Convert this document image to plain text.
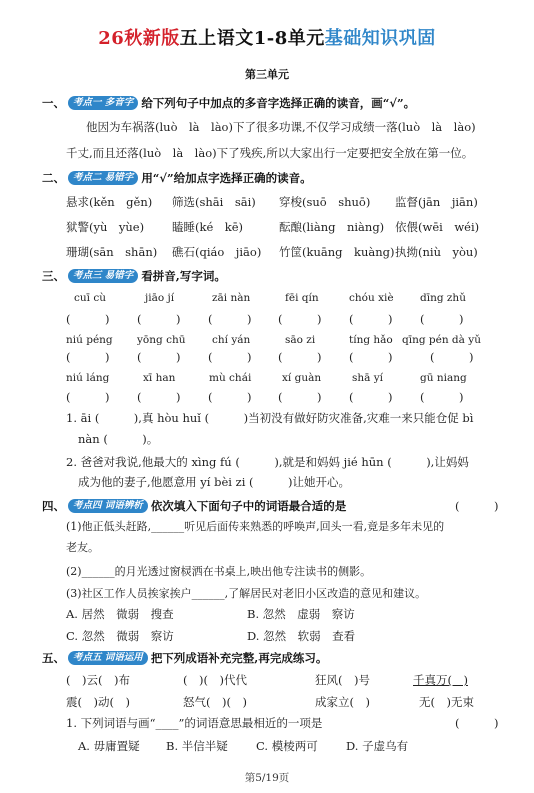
26秋新版五上语文1-8单元基础知识巩固
第三单元
一、 考点一 多音字 给下列句子中加点的多音字选择正确的读音，画“√”。
他因为车祸落(luò　là　lào)下了很多功课,不仅学习成绩一落(luò　là　lào)
千丈,而且还落(luò　là　lào)下了残疾,所以大家出行一定要把安全放在第一位。
二、 考点二 易错字 用“√”给加点字选择正确的读音。
悬求(kěn　gěn) 筛选(shāi　sāi) 穿梭(suō　shuō) 监督(jān　jiān)
狱警(yù　yùe) 瞌睡(ké　kē)	酝酿(liàng　niàng) 依偎(wēi　wéi)
珊瑚(sān　shān) 礁石(qiáo　jiāo) 竹筐(kuāng　kuàng) 执拗(niù　yòu)
三、 考点三 易错字 看拼音,写字词。
cuī cù	jiāo jí	zāi nàn	fēi qín	chóu xiè	dīng zhǔ
(　　　) (　　　) (　　　) (　　　) (　　　) (　　　)
niú péng yōng chū	chí yán	sāo zi	tíng hǎo qīng pén dà yǔ
(　　　) (　　　) (　　　) (　　　) (　　　)	(　　　)
niú láng	xī han	mù chái	xí guàn	shā yí	gū niang
(　　　) (　　　) (　　　) (　　　) (　　　) (　　　)
1. āi (　　　),真 hòu huǐ (　　　)当初没有做好防灾准备,灾难一来只能仓促 bì
nàn (　　　)。
2. 爸爸对我说,他最大的 xìng fú (　　　),就是和妈妈 jié hūn (　　　),让妈妈
成为他的妻子,他愿意用 yí bèi zi (　　　)让她开心。
四、 考点四 词语辨析 依次填入下面句子中的词语最合适的是	(　　　)
(1)他正低头赶路,______听见后面传来熟悉的呼唤声,回头一看,竟是多年未见的
老友。
(2)______的月光透过窗棂洒在书桌上,映出他专注读书的侧影。
(3)社区工作人员挨家挨户______,了解居民对老旧小区改造的意见和建议。
A. 居然　微弱　搜查	B. 忽然　虚弱　察访
C. 忽然　微弱　察访	D. 忽然　软弱　查看
五、 考点五 词语运用 把下列成语补充完整,再完成练习。
(　)云(　)布	(　)(　)代代	狂风(　)号	千真万(　)
震(　)动(　)	怒气(　)(　)	成家立(　)	无(　)无束
1. 下列词语与画“____”的词语意思最相近的一项是	(　　　)
A. 毋庸置疑 B. 半信半疑 C. 模棱两可 D. 子虚乌有
第5/19页
